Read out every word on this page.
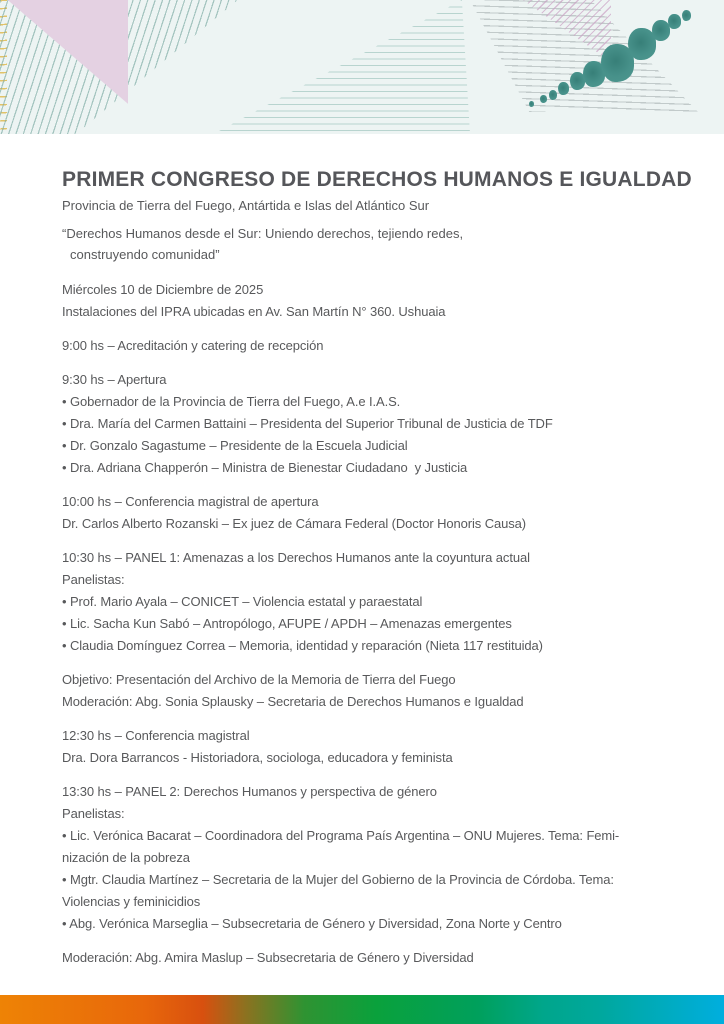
PRIMER CONGRESO DE DERECHOS HUMANOS E IGUALDAD

Provincia de Tierra del Fuego, Antártida e Islas del Atlántico Sur

“Derechos Humanos desde el Sur: Uniendo derechos, tejiendo redes,

construyendo comunidad”

Miércoles 10 de Diciembre de 2025

Instalaciones del IPRA ubicadas en Av. San Martín N° 360. Ushuaia

9:00 hs – Acreditación y catering de recepción

9:30 hs – Apertura

• Gobernador de la Provincia de Tierra del Fuego, A.e I.A.S.

• Dra. María del Carmen Battaini – Presidenta del Superior Tribunal de Justicia de TDF

• Dr. Gonzalo Sagastume – Presidente de la Escuela Judicial

• Dra. Adriana Chapperón – Ministra de Bienestar Ciudadano  y Justicia

10:00 hs – Conferencia magistral de apertura

Dr. Carlos Alberto Rozanski – Ex juez de Cámara Federal (Doctor Honoris Causa)

10:30 hs – PANEL 1: Amenazas a los Derechos Humanos ante la coyuntura actual

Panelistas:

• Prof. Mario Ayala – CONICET – Violencia estatal y paraestatal

• Lic. Sacha Kun Sabó – Antropólogo, AFUPE / APDH – Amenazas emergentes

• Claudia Domínguez Correa – Memoria, identidad y reparación (Nieta 117 restituida)

Objetivo: Presentación del Archivo de la Memoria de Tierra del Fuego

Moderación: Abg. Sonia Splausky – Secretaria de Derechos Humanos e Igualdad

12:30 hs – Conferencia magistral

Dra. Dora Barrancos - Historiadora, sociologa, educadora y feminista

13:30 hs – PANEL 2: Derechos Humanos y perspectiva de género

Panelistas:

• Lic. Verónica Bacarat – Coordinadora del Programa País Argentina – ONU Mujeres. Tema: Femi-

nización de la pobreza

• Mgtr. Claudia Martínez – Secretaria de la Mujer del Gobierno de la Provincia de Córdoba. Tema:

Violencias y feminicidios

• Abg. Verónica Marseglia – Subsecretaria de Género y Diversidad, Zona Norte y Centro

Moderación: Abg. Amira Maslup – Subsecretaria de Género y Diversidad
